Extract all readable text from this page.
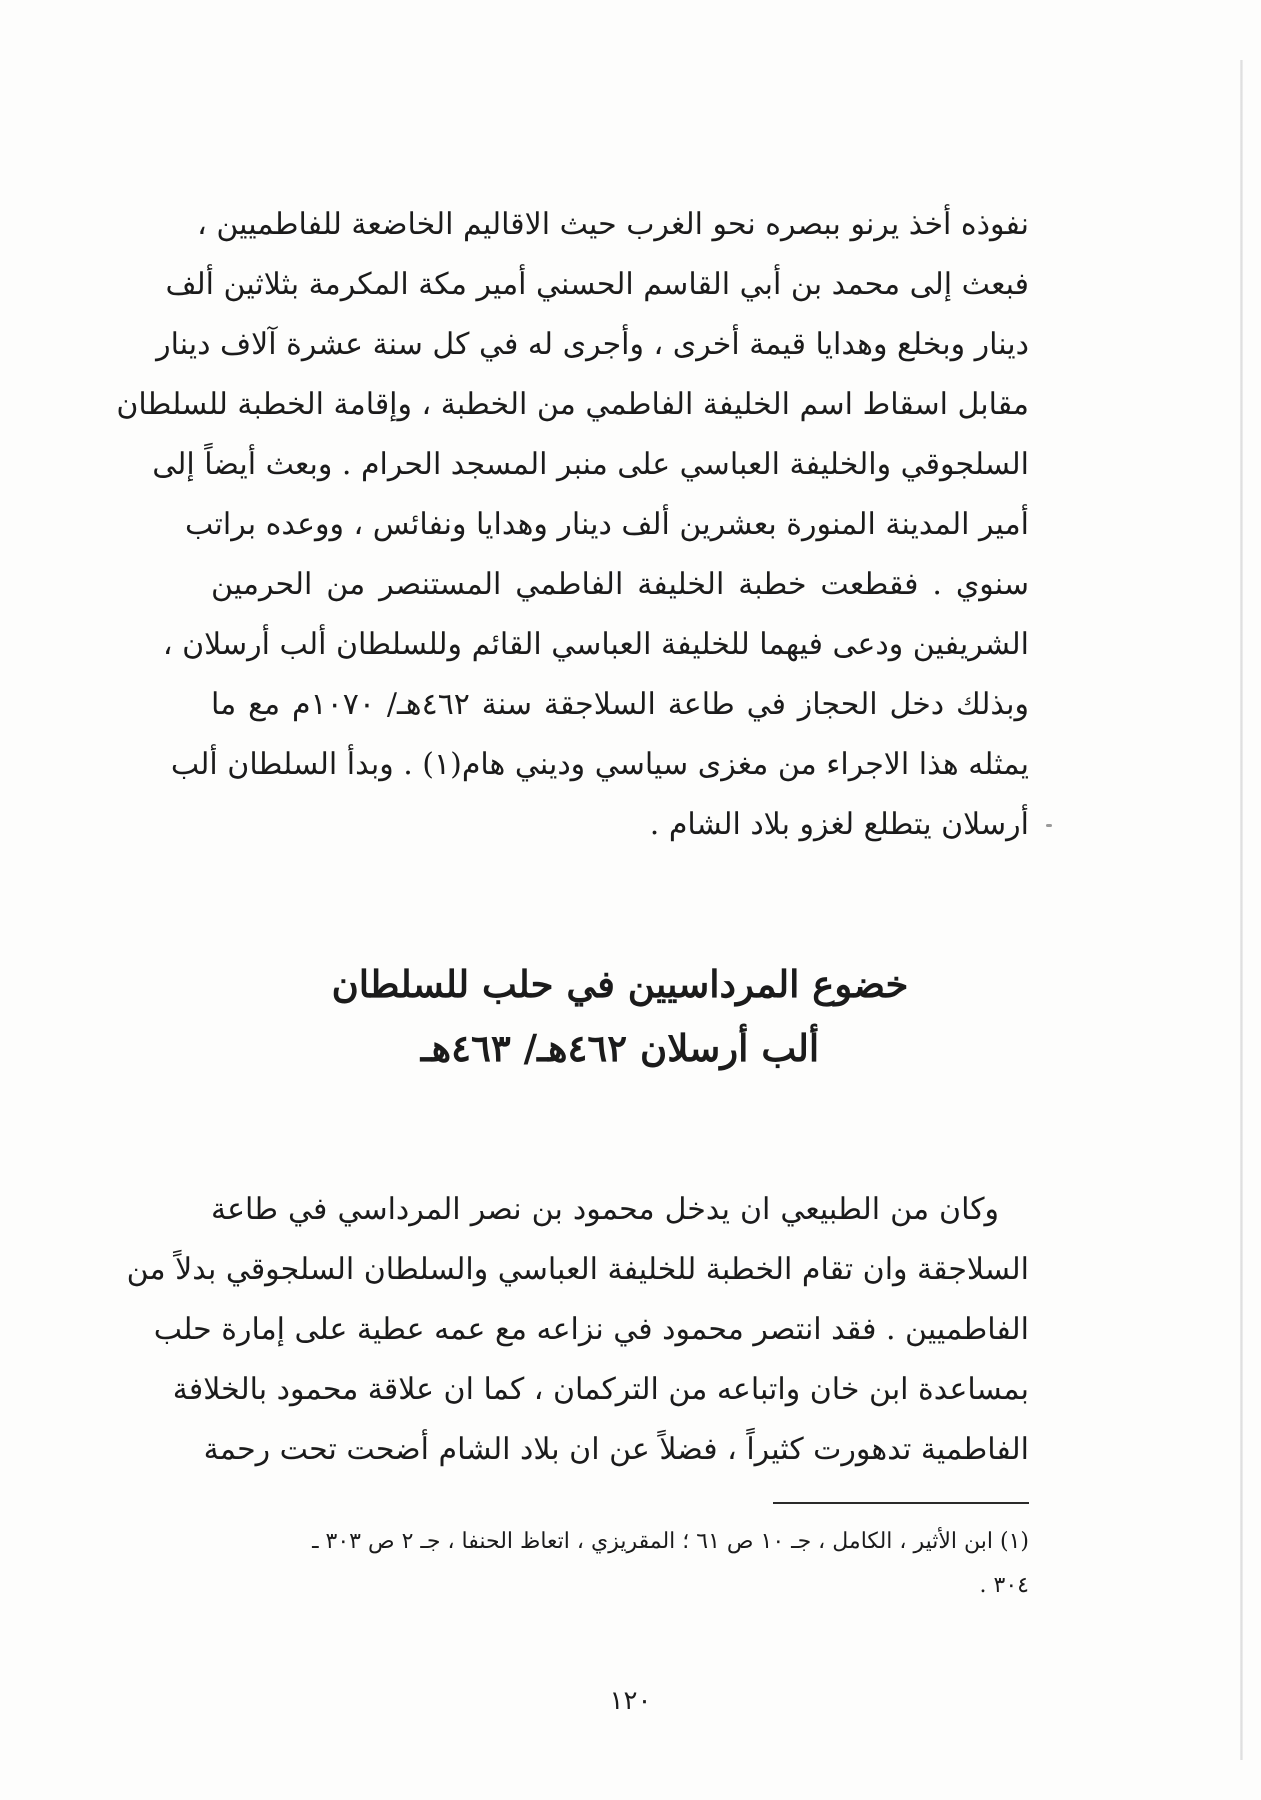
نفوذه أخذ يرنو ببصره نحو الغرب حيث الاقاليم الخاضعة للفاطميين ،
فبعث إلى محمد بن أبي القاسم الحسني أمير مكة المكرمة بثلاثين ألف
دينار وبخلع وهدايا قيمة أخرى ، وأجرى له في كل سنة عشرة آلاف دينار
مقابل اسقاط اسم الخليفة الفاطمي من الخطبة ، وإقامة الخطبة للسلطان
السلجوقي والخليفة العباسي على منبر المسجد الحرام . وبعث أيضاً إلى
أمير المدينة المنورة بعشرين ألف دينار وهدايا ونفائس ، ووعده براتب
سنوي . فقطعت خطبة الخليفة الفاطمي المستنصر من الحرمين
الشريفين ودعى فيهما للخليفة العباسي القائم وللسلطان ألب أرسلان ،
وبذلك دخل الحجاز في طاعة السلاجقة سنة ٤٦٢هـ/ ١٠٧٠م مع ما
يمثله هذا الاجراء من مغزى سياسي وديني هام(١) . وبدأ السلطان ألب
أرسلان يتطلع لغزو بلاد الشام .
خضوع المرداسيين في حلب للسلطان
ألب أرسلان ٤٦٢هـ/ ٤٦٣هـ
وكان من الطبيعي ان يدخل محمود بن نصر المرداسي في طاعة
السلاجقة وان تقام الخطبة للخليفة العباسي والسلطان السلجوقي بدلاً من
الفاطميين . فقد انتصر محمود في نزاعه مع عمه عطية على إمارة حلب
بمساعدة ابن خان واتباعه من التركمان ، كما ان علاقة محمود بالخلافة
الفاطمية تدهورت كثيراً ، فضلاً عن ان بلاد الشام أضحت تحت رحمة
(١) ابن الأثير ، الكامل ، جـ ١٠ ص ٦١ ؛ المقريزي ، اتعاظ الحنفا ، جـ ٢ ص ٣٠٣ ـ
٣٠٤ .
١٢٠
